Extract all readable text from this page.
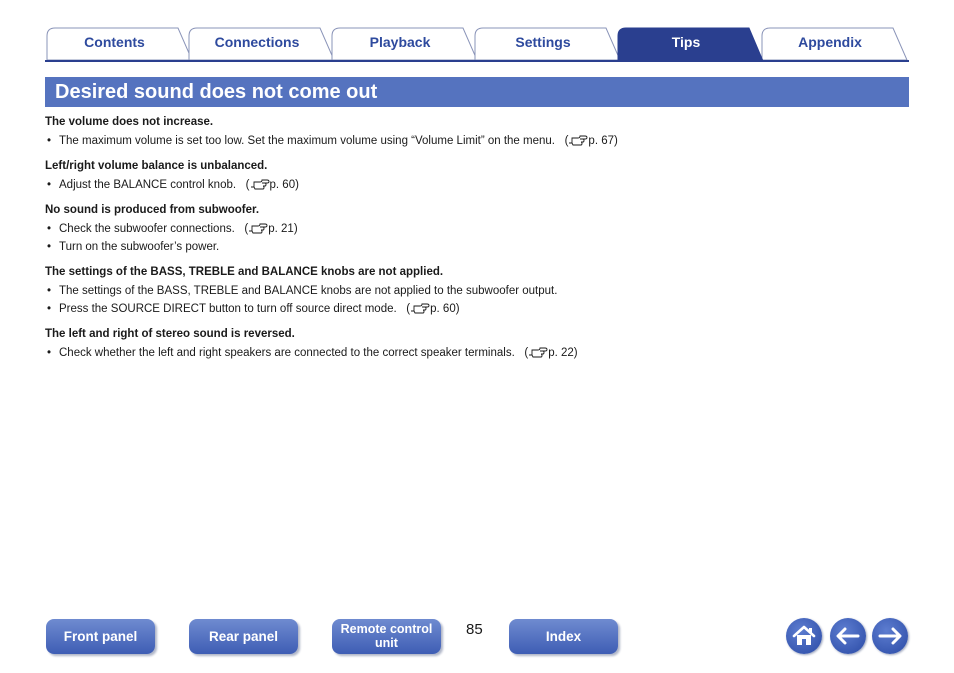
Contents	Connections	Playback	Settings	Tips	Appendix
Desired sound does not come out
The volume does not increase.
• The maximum volume is set too low. Set the maximum volume using “Volume Limit” on the menu.   ( p. 67)
Left/right volume balance is unbalanced.
• Adjust the BALANCE control knob.   ( p. 60)
No sound is produced from subwoofer.
• Check the subwoofer connections.   ( p. 21)
• Turn on the subwoofer’s power.
The settings of the BASS, TREBLE and BALANCE knobs are not applied.
• The settings of the BASS, TREBLE and BALANCE knobs are not applied to the subwoofer output.
• Press the SOURCE DIRECT button to turn off source direct mode.   ( p. 60)
The left and right of stereo sound is reversed.
• Check whether the left and right speakers are connected to the correct speaker terminals.   ( p. 22)
Front panel	Rear panel	Remote control
unit
85	Index
